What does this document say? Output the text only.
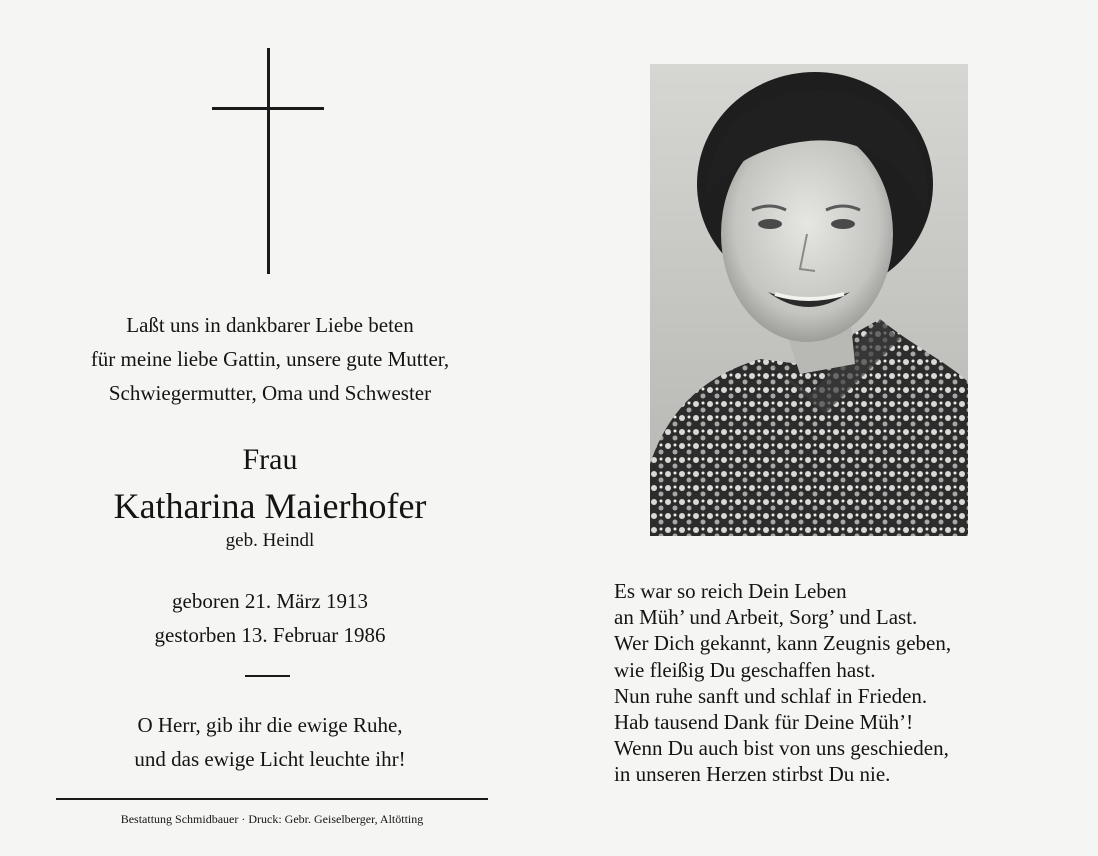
Laßt uns in dankbarer Liebe beten
für meine liebe Gattin, unsere gute Mutter,
Schwiegermutter, Oma und Schwester
Frau
Katharina Maierhofer
geb. Heindl
geboren 21. März 1913
gestorben 13. Februar 1986
O Herr, gib ihr die ewige Ruhe,
und das ewige Licht leuchte ihr!
Bestattung Schmidbauer · Druck: Gebr. Geiselberger, Altötting
Es war so reich Dein Leben
an Müh’ und Arbeit, Sorg’ und Last.
Wer Dich gekannt, kann Zeugnis geben,
wie fleißig Du geschaffen hast.
Nun ruhe sanft und schlaf in Frieden.
Hab tausend Dank für Deine Müh’!
Wenn Du auch bist von uns geschieden,
in unseren Herzen stirbst Du nie.
